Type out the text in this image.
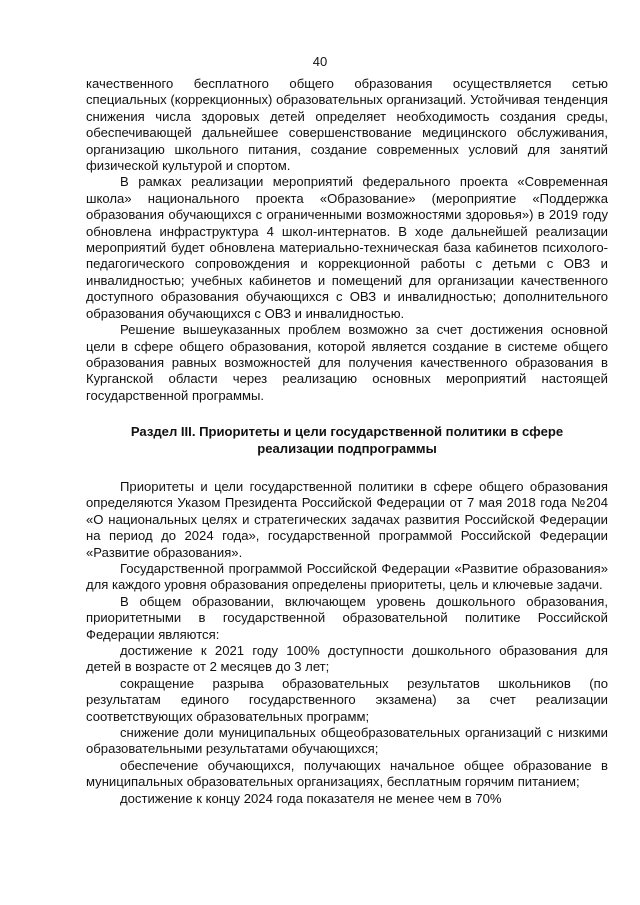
40

качественного бесплатного общего образования осуществляется сетью специальных (коррекционных) образовательных организаций. Устойчивая тенденция снижения числа здоровых детей определяет необходимость создания среды, обеспечивающей дальнейшее совершенствование медицинского обслуживания, организацию школьного питания, создание современных условий для занятий физической культурой и спортом.

В рамках реализации мероприятий федерального проекта «Современная школа» национального проекта «Образование» (мероприятие «Поддержка образования обучающихся с ограниченными возможностями здоровья») в 2019 году обновлена инфраструктура 4 школ-интернатов. В ходе дальнейшей реализации мероприятий будет обновлена материально-техническая база кабинетов психолого-педагогического сопровождения и коррекционной работы с детьми с ОВЗ и инвалидностью; учебных кабинетов и помещений для организации качественного доступного образования обучающихся с ОВЗ и инвалидностью; дополнительного образования обучающихся с ОВЗ и инвалидностью.

Решение вышеуказанных проблем возможно за счет достижения основной цели в сфере общего образования, которой является создание в системе общего образования равных возможностей для получения качественного образования в Курганской области через реализацию основных мероприятий настоящей государственной программы.

Раздел III. Приоритеты и цели государственной политики в сфере
реализации подпрограммы

Приоритеты и цели государственной политики в сфере общего образования определяются Указом Президента Российской Федерации от 7 мая 2018 года №204 «О национальных целях и стратегических задачах развития Российской Федерации на период до 2024 года», государственной программой Российской Федерации «Развитие образования».

Государственной программой Российской Федерации «Развитие образования» для каждого уровня образования определены приоритеты, цель и ключевые задачи.

В общем образовании, включающем уровень дошкольного образования, приоритетными в государственной образовательной политике Российской Федерации являются:

достижение к 2021 году 100% доступности дошкольного образования для детей в возрасте от 2 месяцев до 3 лет;

сокращение разрыва образовательных результатов школьников (по результатам единого государственного экзамена) за счет реализации соответствующих образовательных программ;

снижение доли муниципальных общеобразовательных организаций с низкими образовательными результатами обучающихся;

обеспечение обучающихся, получающих начальное общее образование в муниципальных образовательных организациях, бесплатным горячим питанием;

достижение к концу 2024 года показателя не менее чем в 70%
